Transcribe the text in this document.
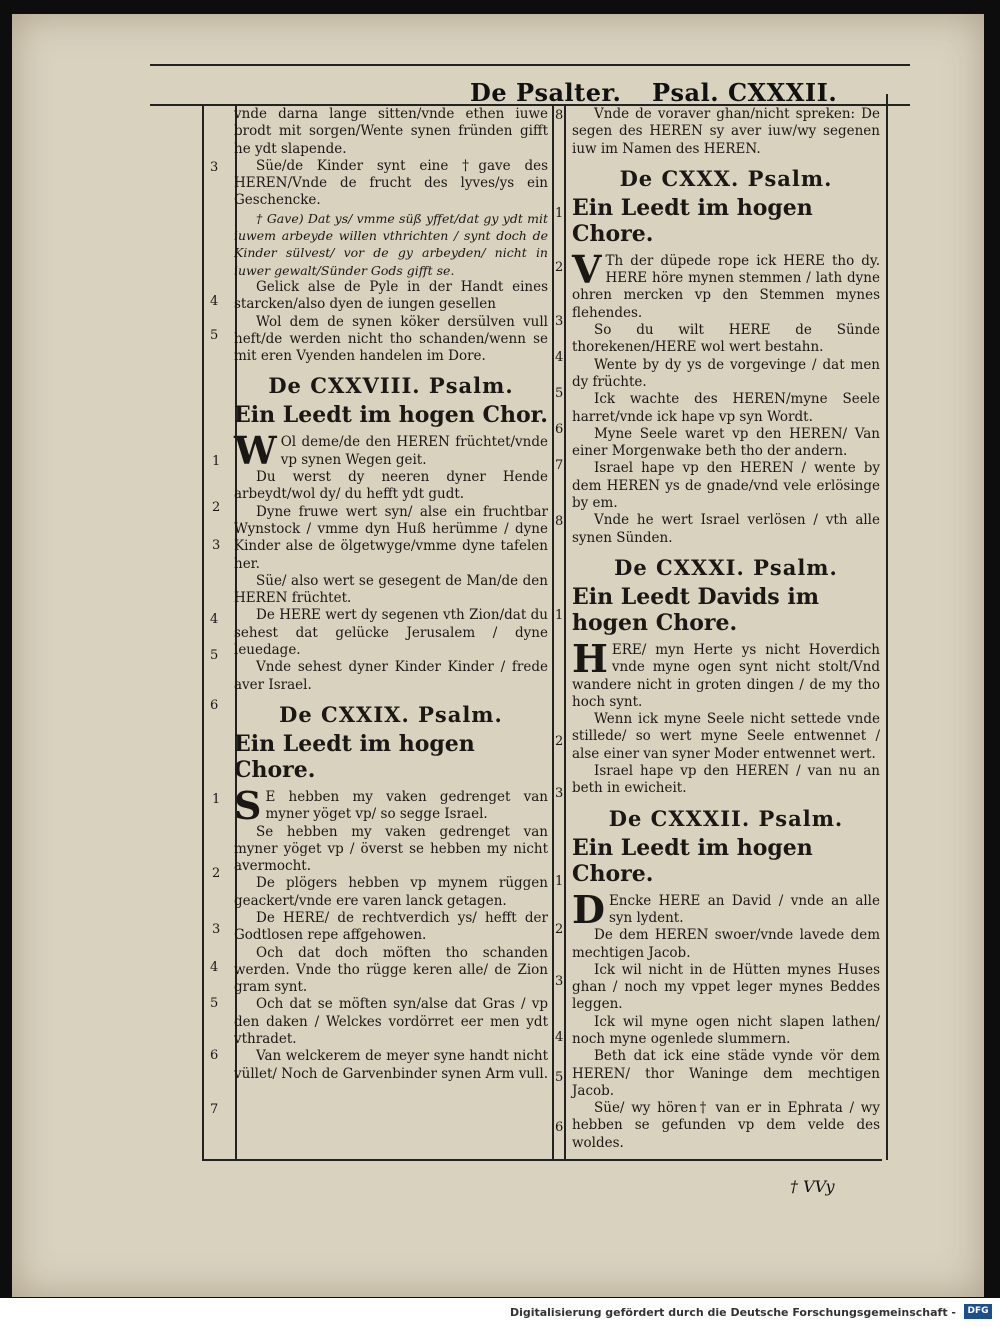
De Psalter. Psal. CXXXII.

vnde darna lange sitten/vnde ethen iuwe brodt mit sorgen/Wente synen fründen gifft he ydt slapende.

Süe/de Kinder synt eine †gave des HEREN/Vnde de frucht des lyves/ys ein Geschencke.

† Gave) Dat ys/ vmme süß yffet/dat gy ydt mit iuwem arbeyde willen vthrichten / synt doch de Kinder sülvest/ vor de gy arbeyden/ nicht in iuwer gewalt/Sünder Gods gifft se.

Gelick alse de Pyle in der Handt eines starcken/also dyen de iungen gesellen

Wol dem de synen köker dersülven vull heft/de werden nicht tho schanden/wenn se mit eren Vyenden handelen im Dore.

De CXXVIII. Psalm.
Ein Leedt im hogen Chor.

W Ol deme/de den HEREN früchtet/vnde vp synen Wegen geit.

Du werst dy neeren dyner Hende arbeydt/wol dy/ du hefft ydt gudt.

Dyne fruwe wert syn/ alse ein fruchtbar Wynstock / vmme dyn Huß herümme / dyne Kinder alse de ölgetwyge/vmme dyne tafelen her.

Süe/ also wert se gesegent de Man/de den HEREN früchtet.

De HERE wert dy segenen vth Zion/dat du sehest dat gelücke Jerusalem / dyne leuedage.

Vnde sehest dyner Kinder Kinder / frede aver Israel.

De CXXIX. Psalm.
Ein Leedt im hogen Chore.

S E hebben my vaken gedrenget van myner yöget vp/ so segge Israel.

Se hebben my vaken gedrenget van myner yöget vp / överst se hebben my nicht avermocht.

De plögers hebben vp mynem rüggen geackert/vnde ere varen lanck getagen.

De HERE/ de rechtverdich ys/ hefft der Godtlosen repe affgehowen.

Och dat doch möften tho schanden werden. Vnde tho rügge keren alle/ de Zion gram synt.

Och dat se möften syn/alse dat Gras / vp den daken / Welckes vordörret eer men ydt vthradet.

Van welckerem de meyer syne handt nicht vüllet/ Noch de Garvenbinder synen Arm vull.

3
4
5
1
2
3
4
5
6
1
2
3
4
5
6
7

Vnde de voraver ghan/nicht spreken: De segen des HEREN sy aver iuw/wy segenen iuw im Namen des HEREN.

De CXXX. Psalm.
Ein Leedt im hogen Chore.

V Th der düpede rope ick HERE tho dy. HERE höre mynen stemmen / lath dyne ohren mercken vp den Stemmen mynes flehendes.

So du wilt HERE de Sünde thorekenen/HERE wol wert bestahn.

Wente by dy ys de vorgevinge / dat men dy früchte.

Ick wachte des HEREN/myne Seele harret/vnde ick hape vp syn Wordt.

Myne Seele waret vp den HEREN/ Van einer Morgenwake beth tho der andern.

Israel hape vp den HEREN / wente by dem HEREN ys de gnade/vnd vele erlösinge by em.

Vnde he wert Israel verlösen / vth alle synen Sünden.

De CXXXI. Psalm.
Ein Leedt Davids im hogen Chore.

HERE/ myn Herte ys nicht Hoverdich vnde myne ogen synt nicht stolt/Vnd wandere nicht in groten dingen / de my tho hoch synt.

Wenn ick myne Seele nicht settede vnde stillede/ so wert myne Seele entwennet / alse einer van syner Moder entwennet wert.

Israel hape vp den HEREN / van nu an beth in ewicheit.

De CXXXII. Psalm.
Ein Leedt im hogen Chore.

D Encke HERE an David / vnde an alle syn lydent.

De dem HEREN swoer/vnde lavede dem mechtigen Jacob.

Ick wil nicht in de Hütten mynes Huses ghan / noch my vppet leger mynes Beddes leggen.

Ick wil myne ogen nicht slapen lathen/ noch myne ogenlede slummern.

Beth dat ick eine städe vynde vör dem HEREN/ thor Waninge dem mechtigen Jacob.

Süe/ wy hören† van er in Ephrata / wy hebben se gefunden vp dem velde des woldes.

8
1
2
3
4
5
6
7
8
1
2
3
1
2
3
4
5
6
† VVy
Digitalisierung gefördert durch die Deutsche Forschungsgemeinschaft -	DFG
